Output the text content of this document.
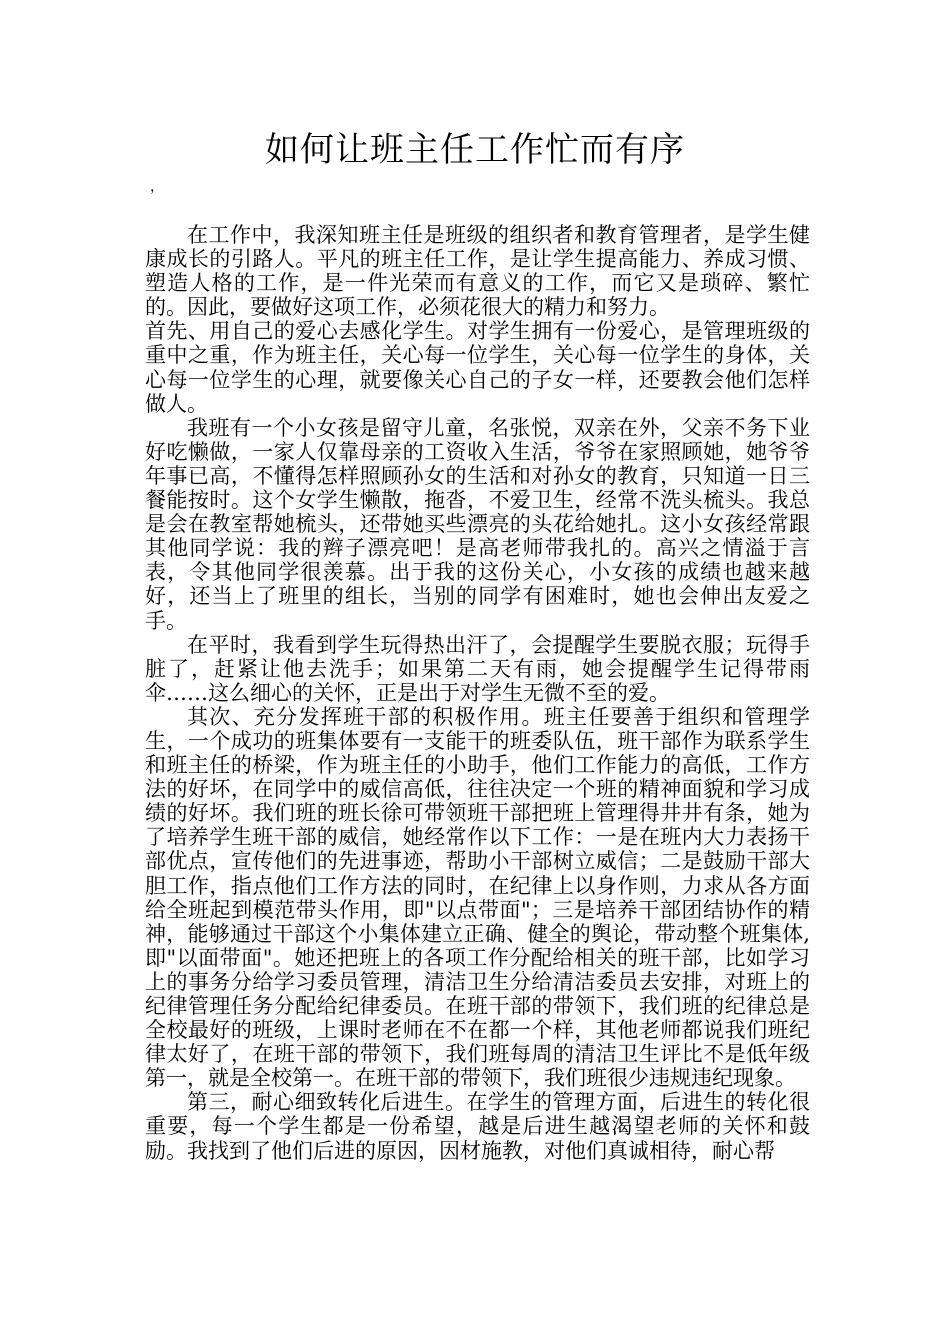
如何让班主任工作忙而有序
，

在工作中，我深知班主任是班级的组织者和教育管理者，是学生健康成长的引路人。平凡的班主任工作，是让学生提高能力、养成习惯、塑造人格的工作，是一件光荣而有意义的工作，而它又是琐碎、繁忙的。因此，要做好这项工作，必须花很大的精力和努力。

首先、用自己的爱心去感化学生。对学生拥有一份爱心，是管理班级的重中之重，作为班主任，关心每一位学生，关心每一位学生的身体，关心每一位学生的心理，就要像关心自己的子女一样，还要教会他们怎样做人。

我班有一个小女孩是留守儿童，名张悦，双亲在外，父亲不务下业好吃懒做，一家人仅靠母亲的工资收入生活，爷爷在家照顾她，她爷爷年事已高，不懂得怎样照顾孙女的生活和对孙女的教育，只知道一日三餐能按时。这个女学生懒散，拖沓，不爱卫生，经常不洗头梳头。我总是会在教室帮她梳头，还带她买些漂亮的头花给她扎。这小女孩经常跟其他同学说：我的辫子漂亮吧！是高老师带我扎的。高兴之情溢于言表，令其他同学很羡慕。出于我的这份关心，小女孩的成绩也越来越好，还当上了班里的组长，当别的同学有困难时，她也会伸出友爱之手。

在平时，我看到学生玩得热出汗了，会提醒学生要脱衣服；玩得手脏了，赶紧让他去洗手；如果第二天有雨，她会提醒学生记得带雨伞……这么细心的关怀，正是出于对学生无微不至的爱。

其次、充分发挥班干部的积极作用。班主任要善于组织和管理学生，一个成功的班集体要有一支能干的班委队伍，班干部作为联系学生和班主任的桥梁，作为班主任的小助手，他们工作能力的高低，工作方法的好坏，在同学中的威信高低，往往决定一个班的精神面貌和学习成绩的好坏。我们班的班长徐可带领班干部把班上管理得井井有条，她为了培养学生班干部的威信，她经常作以下工作：一是在班内大力表扬干部优点，宣传他们的先进事迹，帮助小干部树立威信；二是鼓励干部大胆工作，指点他们工作方法的同时，在纪律上以身作则，力求从各方面给全班起到模范带头作用，即"以点带面"；三是培养干部团结协作的精神，能够通过干部这个小集体建立正确、健全的舆论，带动整个班集体,即"以面带面"。她还把班上的各项工作分配给相关的班干部，比如学习上的事务分给学习委员管理，清洁卫生分给清洁委员去安排，对班上的纪律管理任务分配给纪律委员。在班干部的带领下，我们班的纪律总是全校最好的班级，上课时老师在不在都一个样，其他老师都说我们班纪律太好了，在班干部的带领下，我们班每周的清洁卫生评比不是低年级第一，就是全校第一。在班干部的带领下，我们班很少违规违纪现象。

第三，耐心细致转化后进生。在学生的管理方面，后进生的转化很重要，每一个学生都是一份希望，越是后进生越渴望老师的关怀和鼓励。我找到了他们后进的原因，因材施教，对他们真诚相待，耐心帮
